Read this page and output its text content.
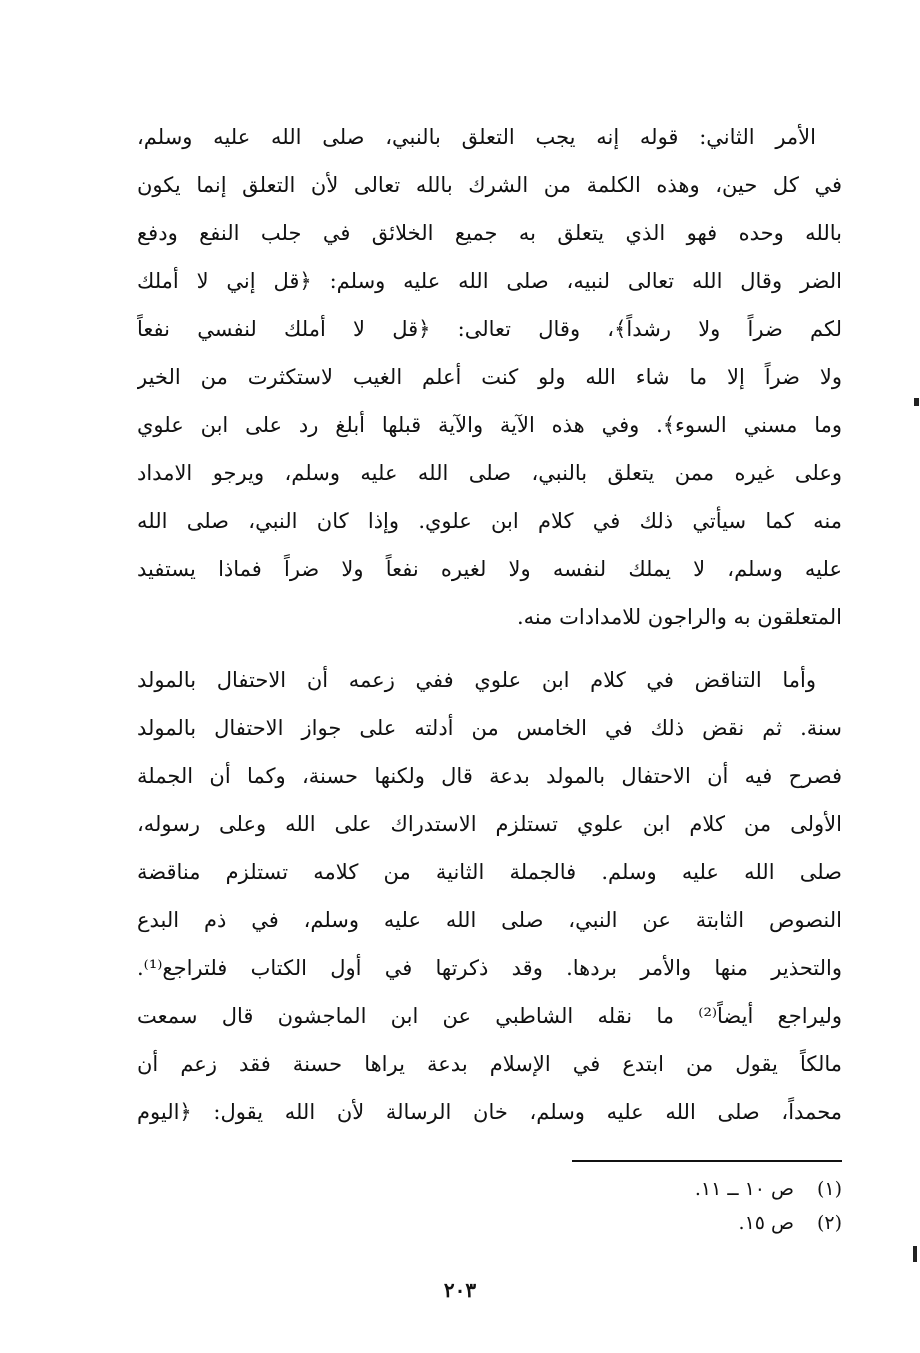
الأمر الثاني: قوله إنه يجب التعلق بالنبي، صلى الله عليه وسلم،
في كل حين، وهذه الكلمة من الشرك بالله تعالى لأن التعلق إنما يكون
بالله وحده فهو الذي يتعلق به جميع الخلائق في جلب النفع ودفع
الضر وقال الله تعالى لنبيه، صلى الله عليه وسلم: ﴿قل إني لا أملك
لكم ضراً ولا رشداً﴾، وقال تعالى: ﴿قل لا أملك لنفسي نفعاً
ولا ضراً إلا ما شاء الله ولو كنت أعلم الغيب لاستكثرت من الخير
وما مسني السوء﴾. وفي هذه الآية والآية قبلها أبلغ رد على ابن علوي
وعلى غيره ممن يتعلق بالنبي، صلى الله عليه وسلم، ويرجو الامداد
منه كما سيأتي ذلك في كلام ابن علوي. وإذا كان النبي، صلى الله
عليه وسلم، لا يملك لنفسه ولا لغيره نفعاً ولا ضراً فماذا يستفيد
المتعلقون به والراجون للامدادات منه.
وأما التناقض في كلام ابن علوي ففي زعمه أن الاحتفال بالمولد
سنة. ثم نقض ذلك في الخامس من أدلته على جواز الاحتفال بالمولد
فصرح فيه أن الاحتفال بالمولد بدعة قال ولكنها حسنة، وكما أن الجملة
الأولى من كلام ابن علوي تستلزم الاستدراك على الله وعلى رسوله،
صلى الله عليه وسلم. فالجملة الثانية من كلامه تستلزم مناقضة
النصوص الثابتة عن النبي، صلى الله عليه وسلم، في ذم البدع
والتحذير منها والأمر بردها. وقد ذكرتها في أول الكتاب فلتراجع⁽¹⁾.
وليراجع أيضاً⁽²⁾ ما نقله الشاطبي عن ابن الماجشون قال سمعت
مالكاً يقول من ابتدع في الإسلام بدعة يراها حسنة فقد زعم أن
محمداً، صلى الله عليه وسلم، خان الرسالة لأن الله يقول: ﴿اليوم
(١)ص ١٠ ــ ١١.
(٢)ص ١٥.
٢٠٣
